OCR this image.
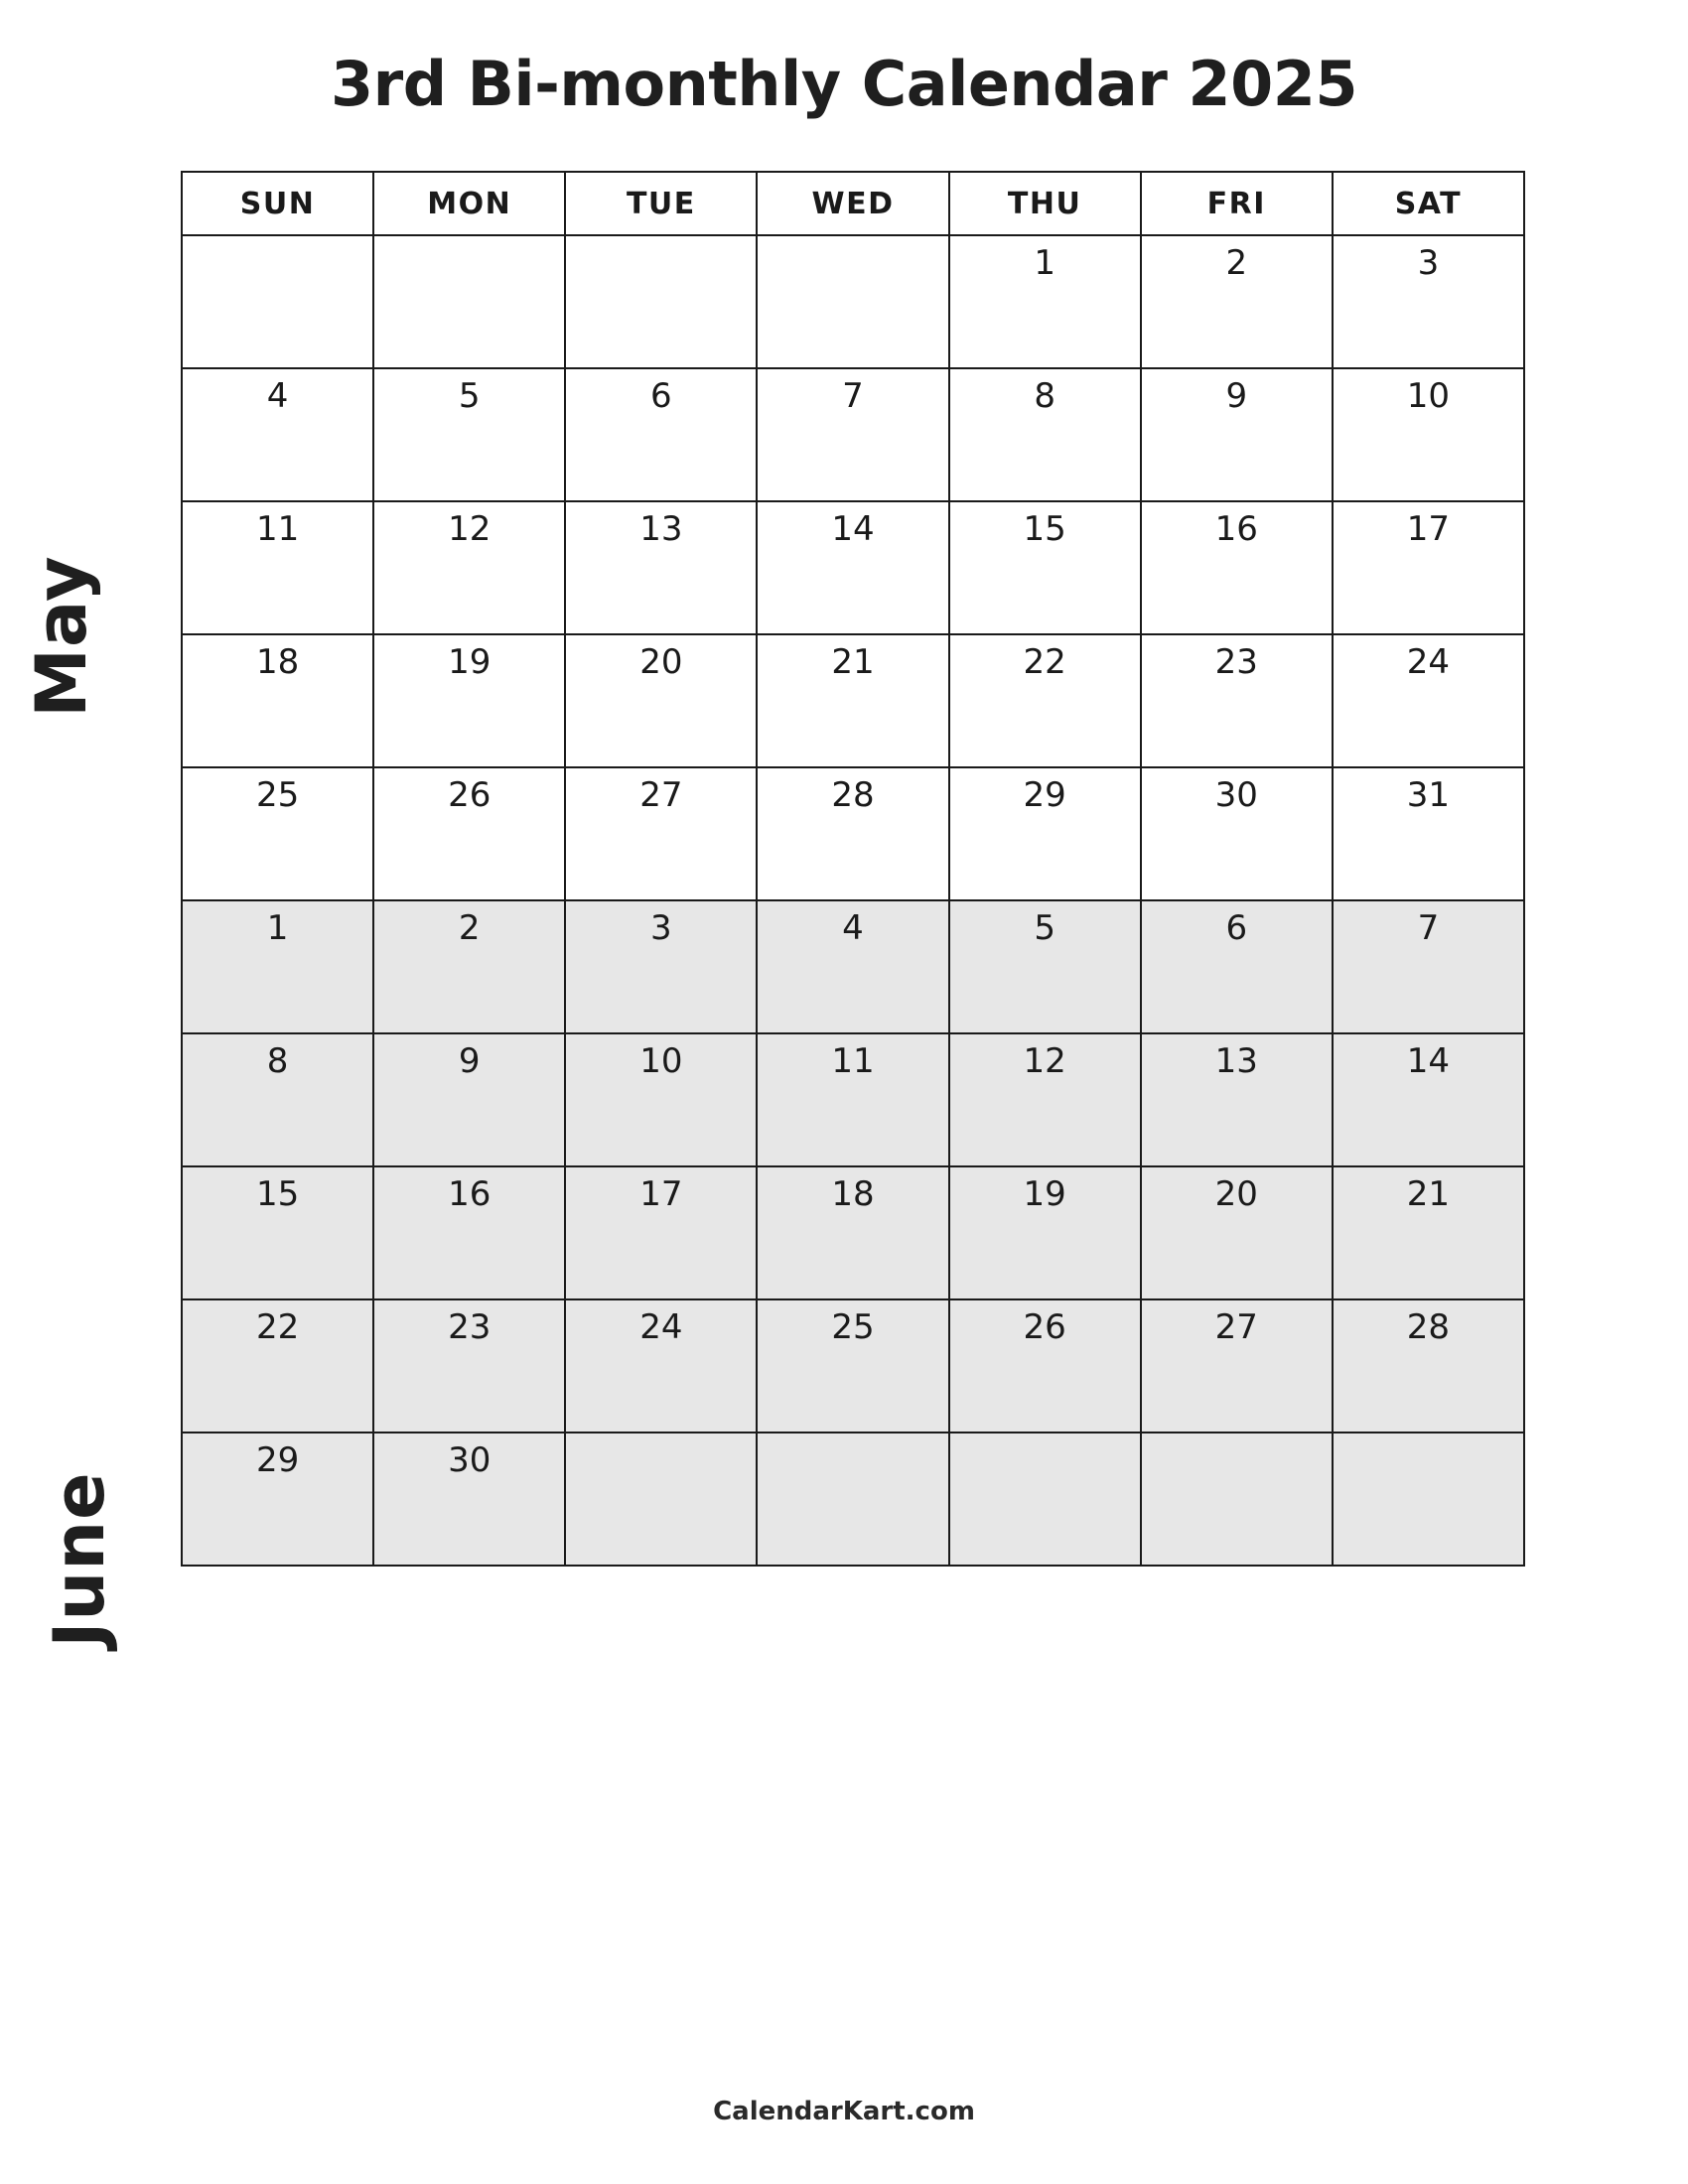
3rd Bi-monthly Calendar 2025
May
June
SUN	MON	TUE	WED	THU	FRI	SAT

				1	2	3

4	5	6	7	8	9	10

11	12	13	14	15	16	17

18	19	20	21	22	23	24

25	26	27	28	29	30	31

1	2	3	4	5	6	7

8	9	10	11	12	13	14

15	16	17	18	19	20	21

22	23	24	25	26	27	28

29	30					

CalendarKart.com
